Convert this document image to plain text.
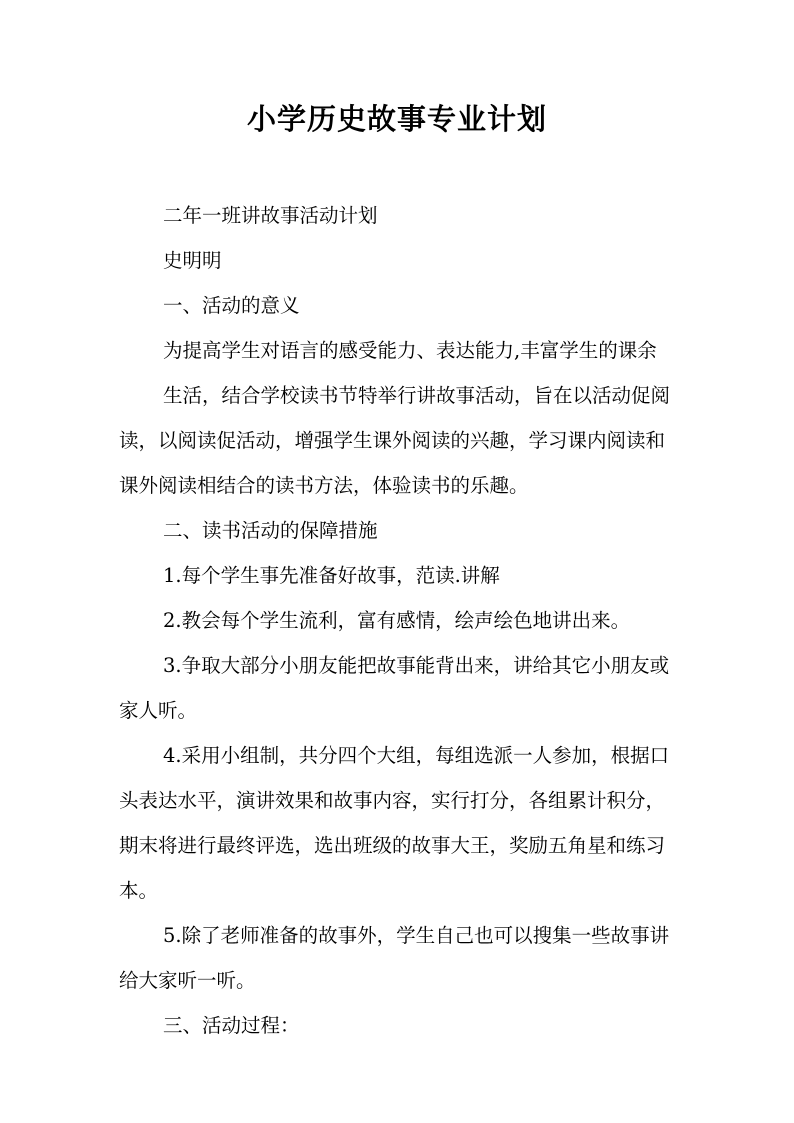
小学历史故事专业计划

二年一班讲故事活动计划

史明明

一、活动的意义

为提高学生对语言的感受能力、表达能力,丰富学生的课余

生活，结合学校读书节特举行讲故事活动，旨在以活动促阅读，以阅读促活动，增强学生课外阅读的兴趣，学习课内阅读和课外阅读相结合的读书方法，体验读书的乐趣。

二、读书活动的保障措施

1.每个学生事先准备好故事，范读.讲解

2.教会每个学生流利，富有感情，绘声绘色地讲出来。

3.争取大部分小朋友能把故事能背出来，讲给其它小朋友或家人听。

4.采用小组制，共分四个大组，每组选派一人参加，根据口头表达水平，演讲效果和故事内容，实行打分，各组累计积分，期末将进行最终评选，选出班级的故事大王，奖励五角星和练习本。

5.除了老师准备的故事外，学生自己也可以搜集一些故事讲给大家听一听。

三、活动过程：
